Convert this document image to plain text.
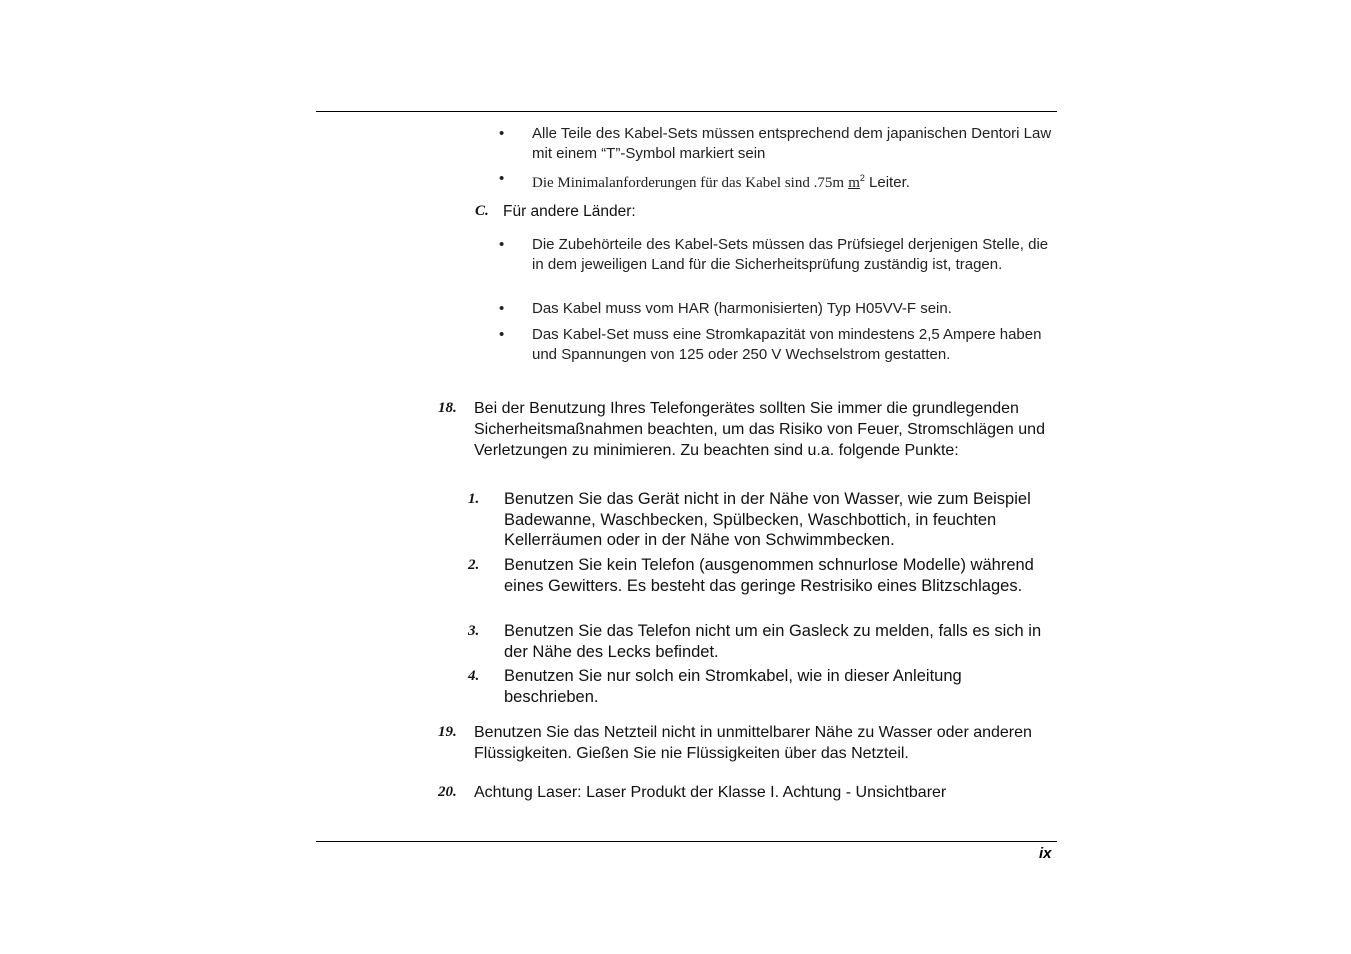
• Alle Teile des Kabel-Sets müssen entsprechend dem japanischen Dentori Law mit einem “T”-Symbol markiert sein
• Die Minimalanforderungen für das Kabel sind .75m $m^2$ Leiter.
C. Für andere Länder:
• Die Zubehörteile des Kabel-Sets müssen das Prüfsiegel derjenigen Stelle, die in dem jeweiligen Land für die Sicherheitsprüfung zuständig ist, tragen.
• Das Kabel muss vom HAR (harmonisierten) Typ H05VV-F sein.
• Das Kabel-Set muss eine Stromkapazität von mindestens 2,5 Ampere haben und Spannungen von 125 oder 250 V Wechselstrom gestatten.
18. Bei der Benutzung Ihres Telefongerätes sollten Sie immer die grundlegenden Sicherheitsmaßnahmen beachten, um das Risiko von Feuer, Stromschlägen und Verletzungen zu minimieren. Zu beachten sind u.a. folgende Punkte:
1. Benutzen Sie das Gerät nicht in der Nähe von Wasser, wie zum Beispiel Badewanne, Waschbecken, Spülbecken, Waschbottich, in feuchten Kellerräumen oder in der Nähe von Schwimmbecken.
2. Benutzen Sie kein Telefon (ausgenommen schnurlose Modelle) während eines Gewitters. Es besteht das geringe Restrisiko eines Blitzschlages.
3. Benutzen Sie das Telefon nicht um ein Gasleck zu melden, falls es sich in der Nähe des Lecks befindet.
4. Benutzen Sie nur solch ein Stromkabel, wie in dieser Anleitung beschrieben.
19. Benutzen Sie das Netzteil nicht in unmittelbarer Nähe zu Wasser oder anderen Flüssigkeiten. Gießen Sie nie Flüssigkeiten über das Netzteil.
20. Achtung Laser: Laser Produkt der Klasse I. Achtung - Unsichtbarer
ix
